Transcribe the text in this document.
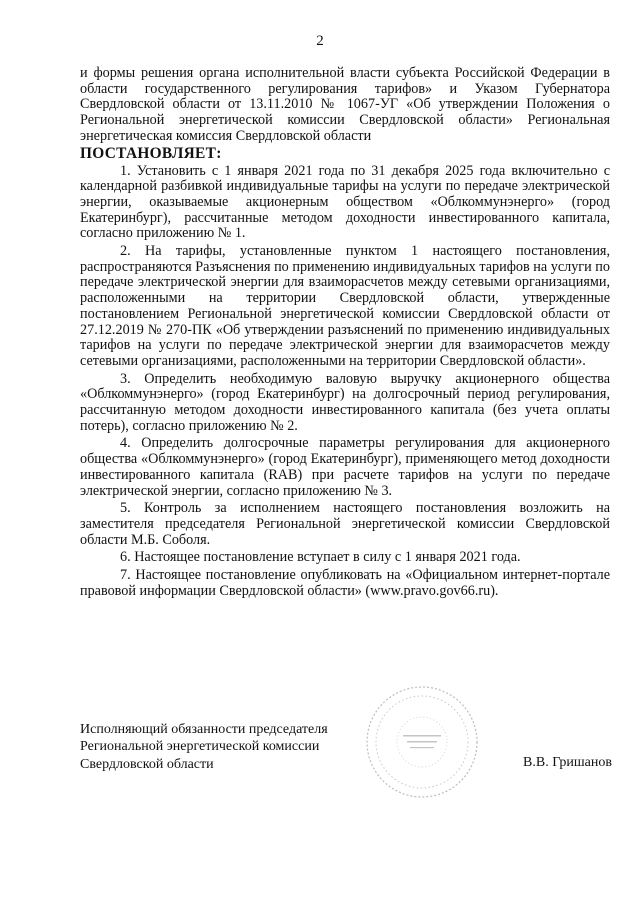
2

и формы решения органа исполнительной власти субъекта Российской Федерации в области государственного регулирования тарифов» и Указом Губернатора Свердловской области от 13.11.2010 № 1067-УГ «Об утверждении Положения о Региональной энергетической комиссии Свердловской области» Региональная энергетическая комиссия Свердловской области

ПОСТАНОВЛЯЕТ:

1. Установить с 1 января 2021 года по 31 декабря 2025 года включительно с календарной разбивкой индивидуальные тарифы на услуги по передаче электрической энергии, оказываемые акционерным обществом «Облкоммунэнерго» (город Екатеринбург), рассчитанные методом доходности инвестированного капитала, согласно приложению № 1.

2. На тарифы, установленные пунктом 1 настоящего постановления, распространяются Разъяснения по применению индивидуальных тарифов на услуги по передаче электрической энергии для взаиморасчетов между сетевыми организациями, расположенными на территории Свердловской области, утвержденные постановлением Региональной энергетической комиссии Свердловской области от 27.12.2019 № 270-ПК «Об утверждении разъяснений по применению индивидуальных тарифов на услуги по передаче электрической энергии для взаиморасчетов между сетевыми организациями, расположенными на территории Свердловской области».

3. Определить необходимую валовую выручку акционерного общества «Облкоммунэнерго» (город Екатеринбург) на долгосрочный период регулирования, рассчитанную методом доходности инвестированного капитала (без учета оплаты потерь), согласно приложению № 2.

4. Определить долгосрочные параметры регулирования для акционерного общества «Облкоммунэнерго» (город Екатеринбург), применяющего метод доходности инвестированного капитала (RAB) при расчете тарифов на услуги по передаче электрической энергии, согласно приложению № 3.

5. Контроль за исполнением настоящего постановления возложить на заместителя председателя Региональной энергетической комиссии Свердловской области М.Б. Соболя.

6. Настоящее постановление вступает в силу с 1 января 2021 года.

7. Настоящее постановление опубликовать на «Официальном интернет-портале правовой информации Свердловской области» (www.pravo.gov66.ru).

Исполняющий обязанности председателя
Региональной энергетической комиссии
Свердловской области	В.В. Гришанов
